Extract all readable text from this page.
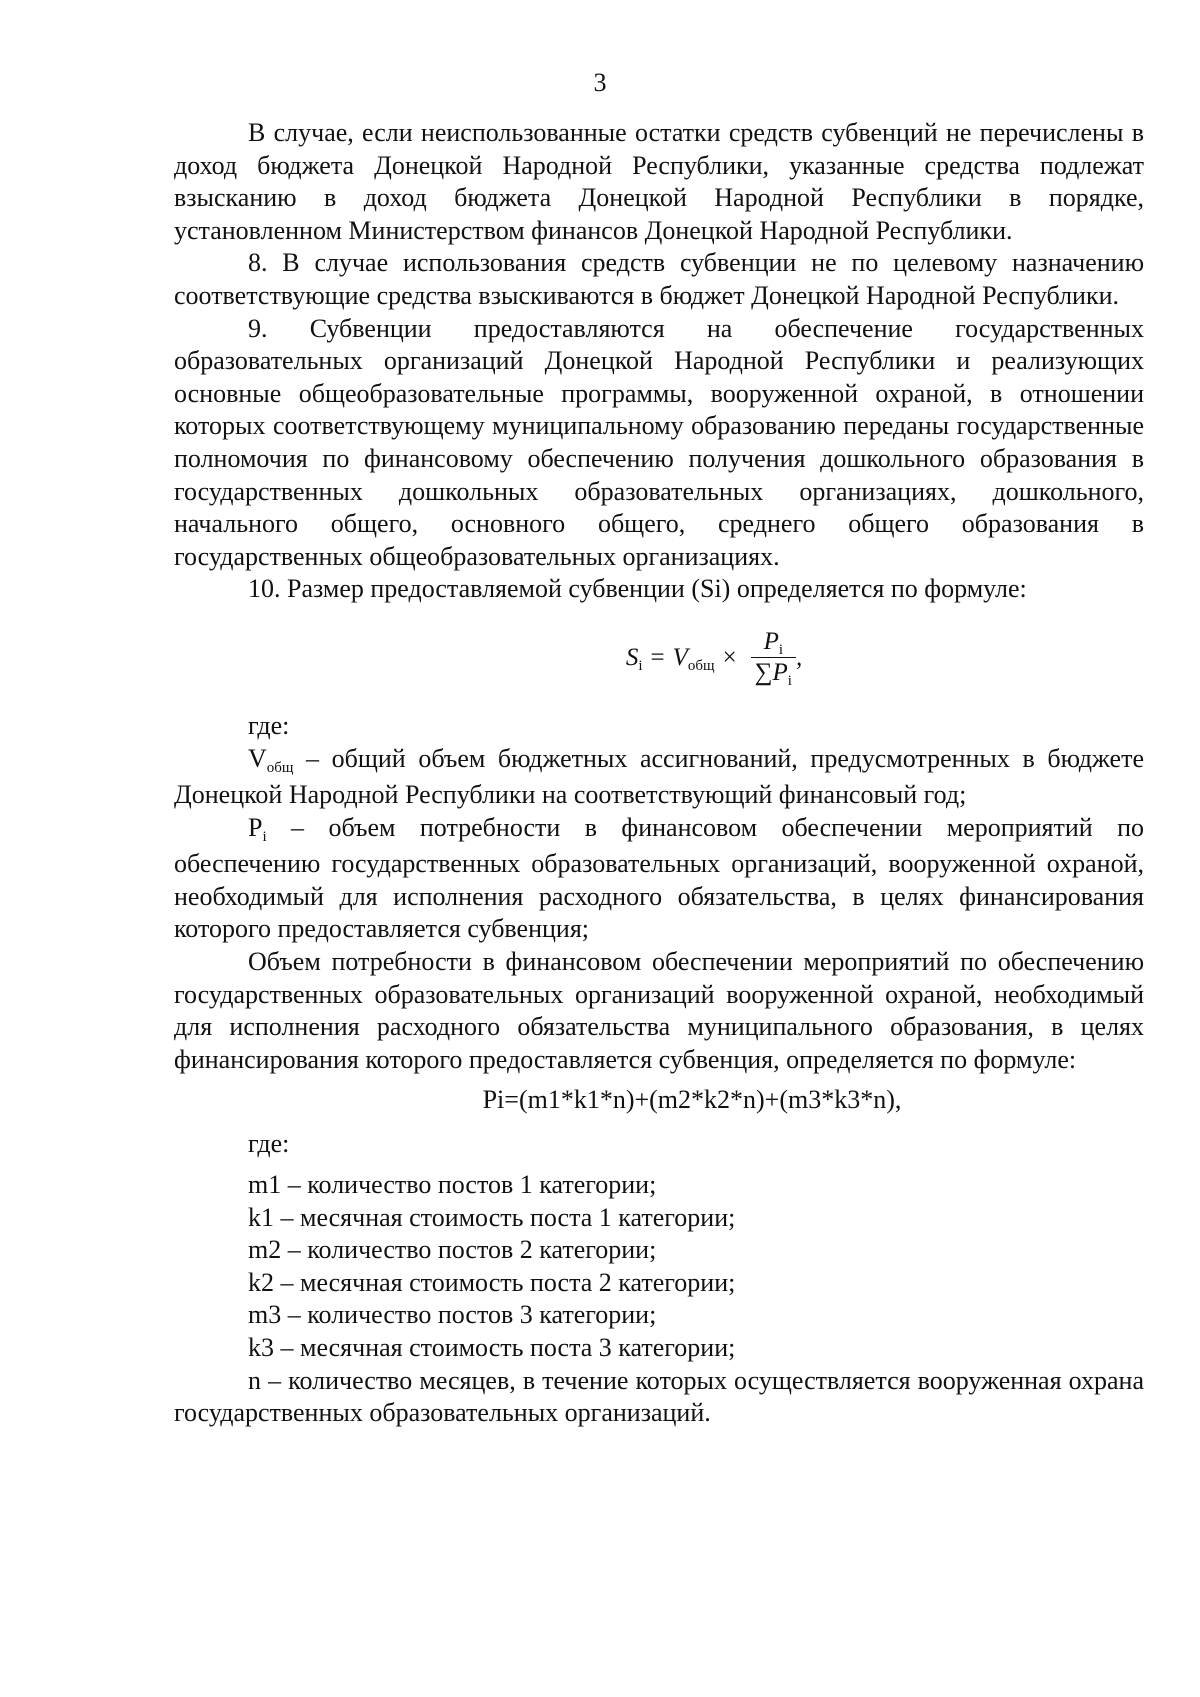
3

В случае, если неиспользованные остатки средств субвенций не перечислены в доход бюджета Донецкой Народной Республики, указанные средства подлежат взысканию в доход бюджета Донецкой Народной Республики в порядке, установленном Министерством финансов Донецкой Народной Республики.

8. В случае использования средств субвенции не по целевому назначению соответствующие средства взыскиваются в бюджет Донецкой Народной Республики.

9. Субвенции предоставляются на обеспечение государственных образовательных организаций Донецкой Народной Республики и реализующих основные общеобразовательные программы, вооруженной охраной, в отношении которых соответствующему муниципальному образованию переданы государственные полномочия по финансовому обеспечению получения дошкольного образования в государственных дошкольных образовательных организациях, дошкольного, начального общего, основного общего, среднего общего образования в государственных общеобразовательных организациях.

10. Размер предоставляемой субвенции (Si) определяется по формуле:

$S_i = V_{общ} \times \frac{P_i}{\sum P_i}$ ,

где:

Vобщ – общий объем бюджетных ассигнований, предусмотренных в бюджете Донецкой Народной Республики на соответствующий финансовый год;

Pi – объем потребности в финансовом обеспечении мероприятий по обеспечению государственных образовательных организаций, вооруженной охраной, необходимый для исполнения расходного обязательства, в целях финансирования которого предоставляется субвенция;

Объем потребности в финансовом обеспечении мероприятий по обеспечению государственных образовательных организаций вооруженной охраной, необходимый для исполнения расходного обязательства муниципального образования, в целях финансирования которого предоставляется субвенция, определяется по формуле:

Pi=(m1*k1*n)+(m2*k2*n)+(m3*k3*n),

где:

m1 – количество постов 1 категории;

k1 – месячная стоимость поста 1 категории;

m2 – количество постов 2 категории;

k2 – месячная стоимость поста 2 категории;

m3 – количество постов 3 категории;

k3 – месячная стоимость поста 3 категории;

n – количество месяцев, в течение которых осуществляется вооруженная охрана государственных образовательных организаций.
